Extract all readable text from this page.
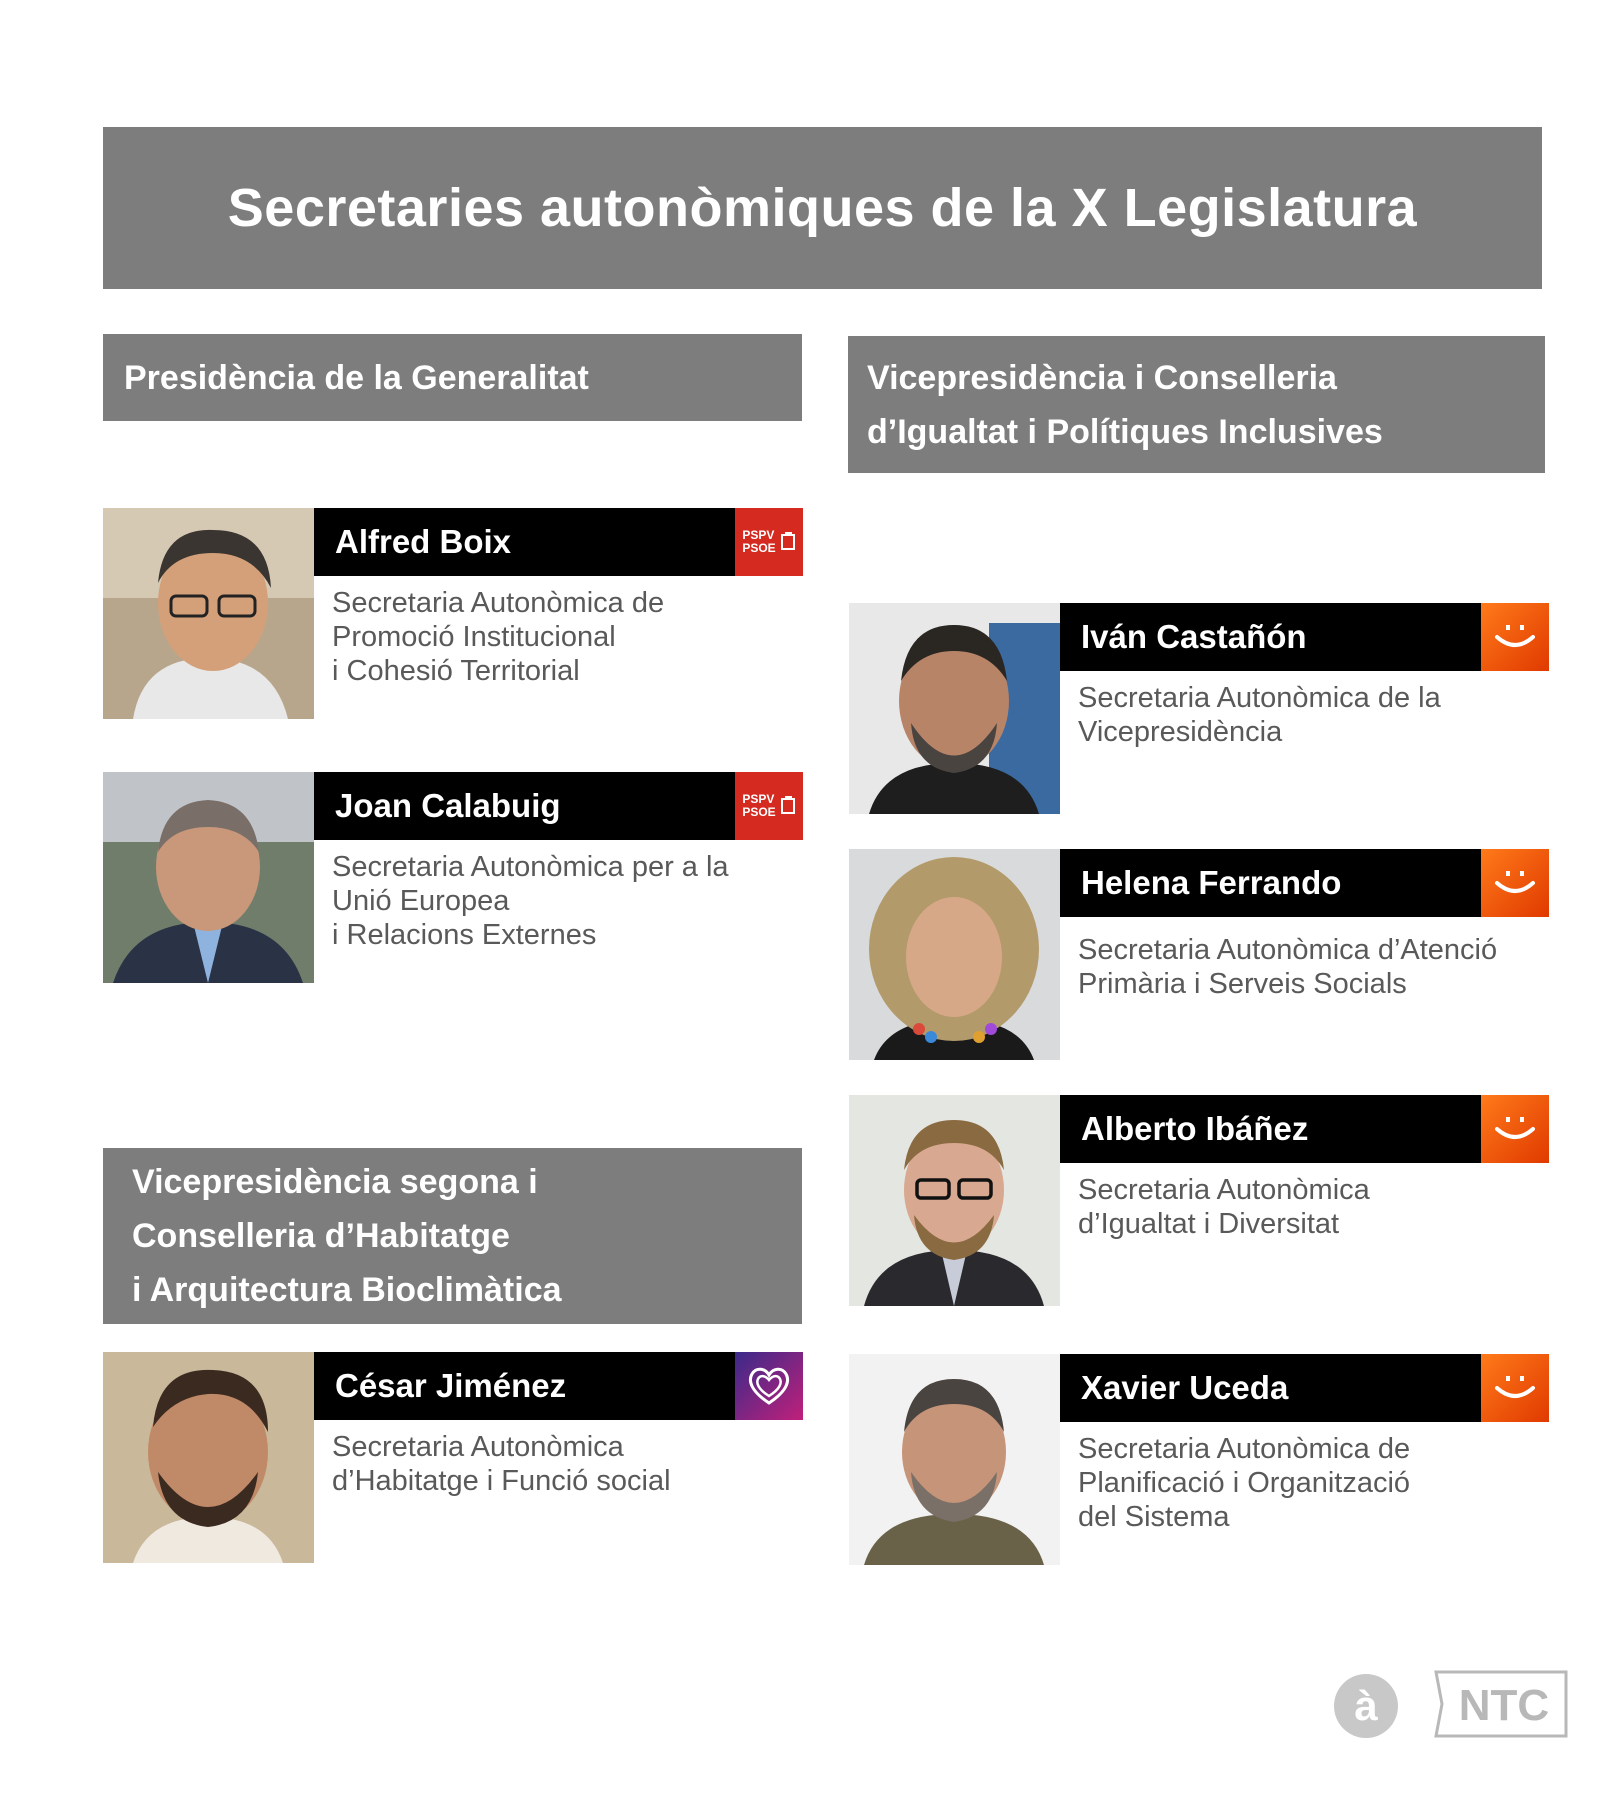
Secretaries autonòmiques de la X Legislatura
Presidència de la Generalitat	Vicepresidència i Conselleria
d’Igualtat i Polítiques Inclusives
Vicepresidència segona i
Conselleria d’Habitatge
i Arquitectura Bioclimàtica
Alfred Boix	PSPV
PSOE
Secretaria Autonòmica de
Promoció Institucional
i Cohesió Territorial
Joan Calabuig	PSPV
PSOE
Secretaria Autonòmica per a la
Unió Europea
i Relacions Externes
César Jiménez
Secretaria Autonòmica
d’Habitatge i Funció social
Iván Castañón
Secretaria Autonòmica de la
Vicepresidència
Helena Ferrando
Secretaria Autonòmica d’Atenció
Primària i Serveis Socials
Alberto Ibáñez
Secretaria Autonòmica
d’Igualtat i Diversitat
Xavier Uceda
Secretaria Autonòmica de
Planificació i Organització
del Sistema
à NTC
